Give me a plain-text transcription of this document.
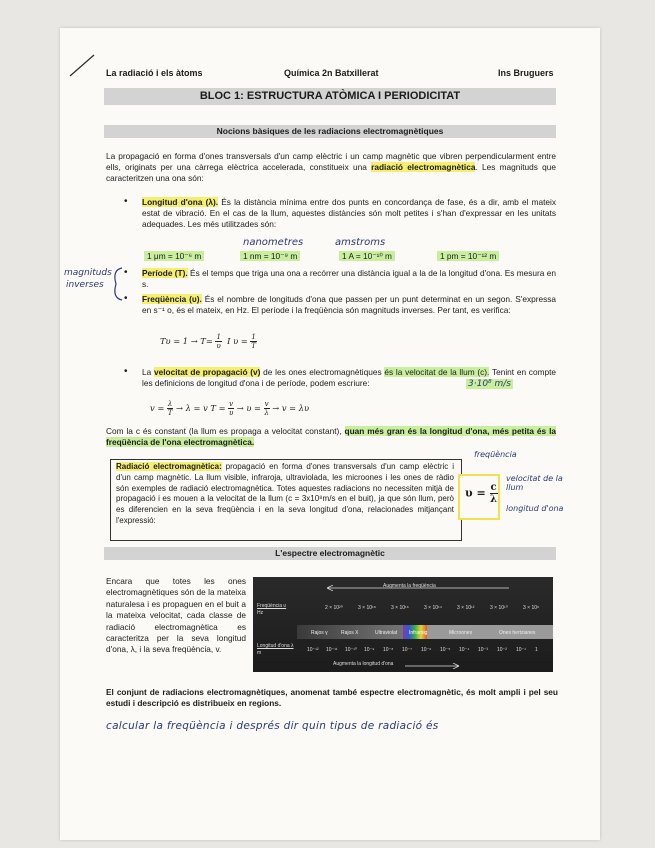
La radiació i els àtoms	Química 2n Batxillerat	Ins Bruguers
BLOC 1: ESTRUCTURA ATÒMICA I PERIODICITAT
Nocions bàsiques de les radiacions electromagnètiques
La propagació en forma d'ones transversals d'un camp elèctric i un camp magnètic que vibren perpendicularment entre ells, originats per una càrrega elèctrica accelerada, constitueix una radiació electromagnètica. Les magnituds que caracteritzen una ona són:
• Longitud d'ona (λ). És la distància mínima entre dos punts en concordança de fase, és a dir, amb el mateix estat de vibració. En el cas de la llum, aquestes distàncies són molt petites i s'han d'expressar en les unitats adequades. Les més utilitzades són:
nanometres	amstroms
1 μm = 10⁻⁶ m	1 nm = 10⁻⁹ m	1 A = 10⁻¹⁰ m	1 pm = 10⁻¹² m
magnituds
inverses
• Període (T). És el temps que triga una ona a recórrer una distància igual a la de la longitud d'ona. Es mesura en s.
• Freqüència (υ). És el nombre de longituds d'ona que passen per un punt determinat en un segon. S'expressa en s⁻¹ o, és el mateix, en Hz. El període i la freqüència són magnituds inverses. Per tant, es verifica:
Tυ = 1 → T= 1
υ  I υ = 1
T
• La velocitat de propagació (v) de les ones electromagnètiques és la velocitat de la llum (c). Tenint en compte les definicions de longitud d'ona i de període, podem escriure:	3·10⁸ m/s
v = λ
T → λ = v T = v
υ → υ = v
λ → v = λυ
Com la c és constant (la llum es propaga a velocitat constant), quan més gran és la longitud d'ona, més petita és la freqüència de l'ona electromagnètica.
Radiació electromagnètica: propagació en forma d'ones transversals d'un camp elèctric i d'un camp magnètic. La llum visible, infraroja, ultraviolada, les microones i les ones de ràdio són exemples de radiació electromagnètica. Totes aquestes radiacions no necessiten mitjà de propagació i es mouen a la velocitat de la llum (c = 3x10⁸m/s en el buit), ja que són llum, però es diferencien en la seva freqüència i en la seva longitud d'ona, relacionades mitjançant l'expressió:
υ = c
λ
freqüència
velocitat de la llum
longitud d'ona
L'espectre electromagnètic
Encara que totes les ones electromagnètiques són de la mateixa naturalesa i es propaguen en el buit a la mateixa velocitat, cada classe de radiació electromagnètica es caracteritza per la seva longitud d'ona, λ, i la seva freqüència, v.
Augmenta la freqüència
Freqüència υ
Hz
2 × 10²⁰	3 × 10¹⁸	3 × 10¹⁶	3 × 10¹⁴	3 × 10¹²	3 × 10¹⁰	3 × 10⁸
Rajos γ	Rajos X	Ultraviolat Infraroig	Microones	Ones hertzianes
Longitud d'ona λ
m	10⁻¹² 10⁻¹¹ 10⁻¹⁰ 10⁻⁹ 10⁻⁸ 10⁻⁷ 10⁻⁶ 10⁻⁵ 10⁻⁴ 10⁻³ 10⁻² 10⁻¹ 1
Augmenta la longitud d'ona
El conjunt de radiacions electromagnètiques, anomenat també espectre electromagnètic, és molt ampli i pel seu estudi i descripció es distribueix en regions.
calcular la freqüència i després dir quin tipus de radiació és
